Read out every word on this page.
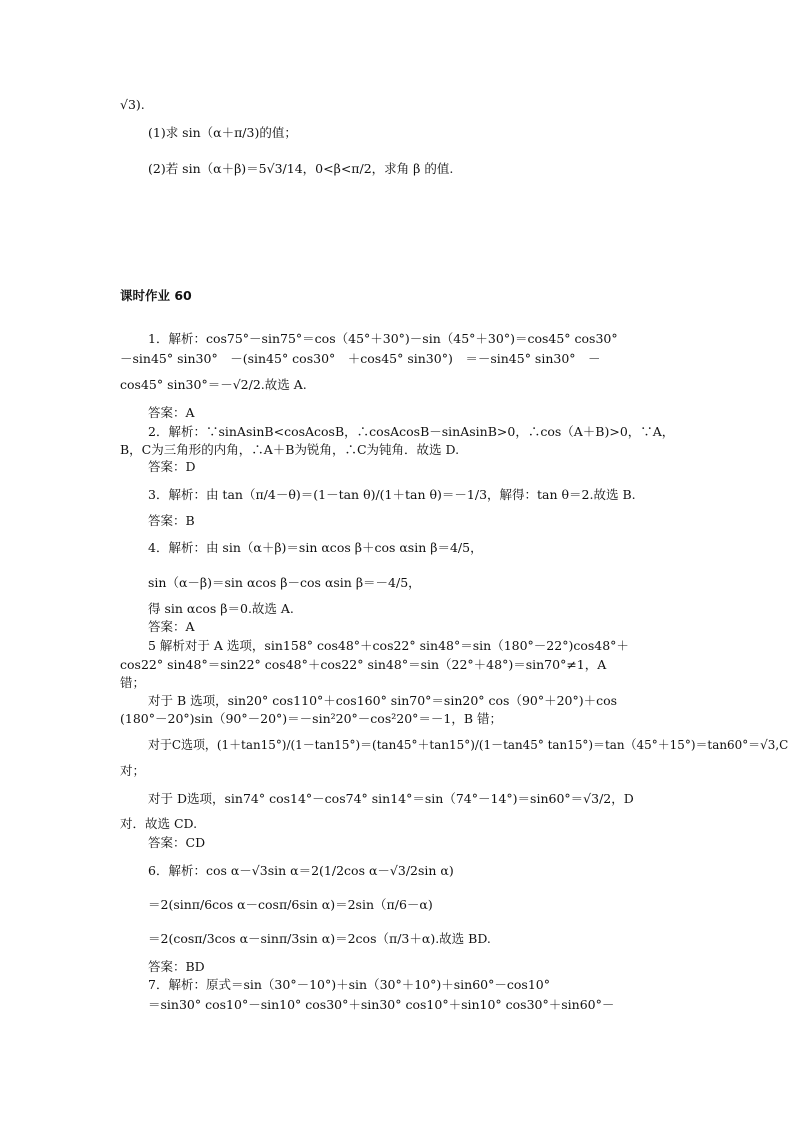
√3).
(1)求 sin（α＋π/3)的值；
(2)若 sin（α＋β)＝5√3/14，0<β<π/2，求角 β 的值.
课时作业 60
1．解析：cos75°－sin75°＝cos（45°＋30°)－sin（45°＋30°)＝cos45° cos30°
－sin45° sin30°　－(sin45° cos30°　＋cos45° sin30°)　＝－sin45° sin30°　－
cos45° sin30°＝－√2/2.故选 A.
答案：A
2．解析：∵sinAsinB<cosAcosB，∴cosAcosB－sinAsinB>0，∴cos（A＋B)>0，∵A，
B，C为三角形的内角，∴A＋B为锐角，∴C为钝角．故选 D.
答案：D
3．解析：由 tan（π/4－θ)＝(1－tan θ)/(1＋tan θ)＝－1/3，解得：tan θ＝2.故选 B.
答案：B
4．解析：由 sin（α＋β)＝sin αcos β＋cos αsin β＝4/5，
sin（α－β)＝sin αcos β－cos αsin β＝－4/5，
得 sin αcos β＝0.故选 A.
答案：A
5 解析对于 A 选项，sin158° cos48°＋cos22° sin48°＝sin（180°－22°)cos48°＋
cos22° sin48°＝sin22° cos48°＋cos22° sin48°＝sin（22°＋48°)＝sin70°≠1，A
错；
对于 B 选项，sin20° cos110°＋cos160° sin70°＝sin20° cos（90°＋20°)＋cos
(180°－20°)sin（90°－20°)＝－sin²20°－cos²20°＝－1，B 错；
对于C选项，(1＋tan15°)/(1－tan15°)＝(tan45°＋tan15°)/(1－tan45° tan15°)＝tan（45°＋15°)＝tan60°＝√3,C
对；
对于 D选项，sin74° cos14°－cos74° sin14°＝sin（74°－14°)＝sin60°＝√3/2，D
对．故选 CD.
答案：CD
6．解析：cos α－√3sin α＝2(1/2cos α－√3/2sin α)
＝2(sinπ/6cos α－cosπ/6sin α)＝2sin（π/6－α)
＝2(cosπ/3cos α－sinπ/3sin α)＝2cos（π/3＋α).故选 BD.
答案：BD
7．解析：原式＝sin（30°－10°)＋sin（30°＋10°)＋sin60°－cos10°
＝sin30° cos10°－sin10° cos30°＋sin30° cos10°＋sin10° cos30°＋sin60°－
